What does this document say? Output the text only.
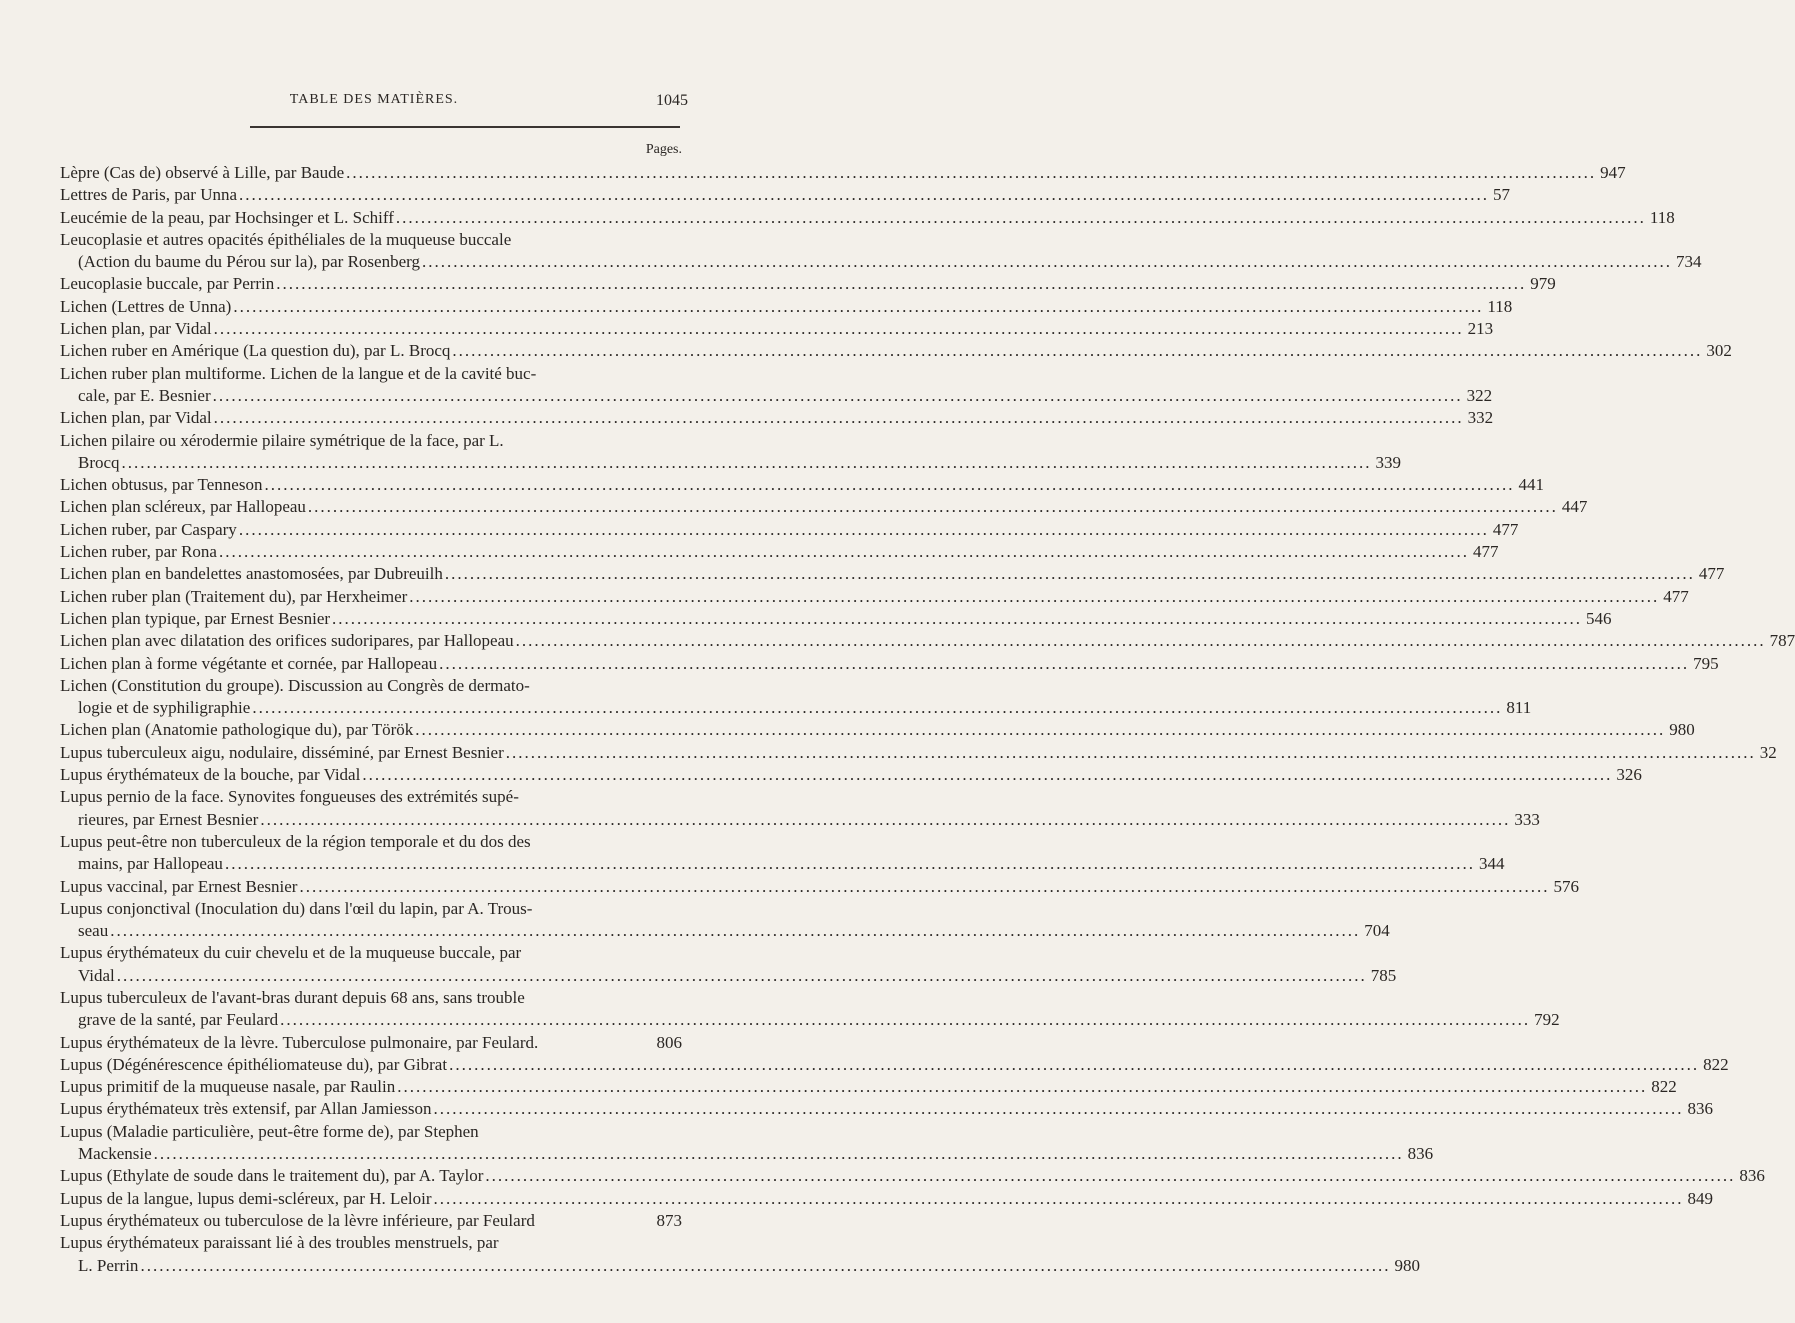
TABLE DES MATIÈRES.	1045
Pages.
Lèpre (Cas de) observé à Lille, par Baude ........................................................................................................................................................................................................ 947
Lettres de Paris, par Unna ........................................................................................................................................................................................................ 57
Leucémie de la peau, par Hochsinger et L. Schiff ........................................................................................................................................................................................................ 118
Leucoplasie et autres opacités épithéliales de la muqueuse buccale
(Action du baume du Pérou sur la), par Rosenberg ........................................................................................................................................................................................................ 734
Leucoplasie buccale, par Perrin ........................................................................................................................................................................................................ 979
Lichen (Lettres de Unna) ........................................................................................................................................................................................................ 118
Lichen plan, par Vidal ........................................................................................................................................................................................................ 213
Lichen ruber en Amérique (La question du), par L. Brocq ........................................................................................................................................................................................................ 302
Lichen ruber plan multiforme. Lichen de la langue et de la cavité buc-
cale, par E. Besnier ........................................................................................................................................................................................................ 322
Lichen plan, par Vidal ........................................................................................................................................................................................................ 332
Lichen pilaire ou xérodermie pilaire symétrique de la face, par L.
Brocq ........................................................................................................................................................................................................ 339
Lichen obtusus, par Tenneson ........................................................................................................................................................................................................ 441
Lichen plan scléreux, par Hallopeau ........................................................................................................................................................................................................ 447
Lichen ruber, par Caspary ........................................................................................................................................................................................................ 477
Lichen ruber, par Rona ........................................................................................................................................................................................................ 477
Lichen plan en bandelettes anastomosées, par Dubreuilh ........................................................................................................................................................................................................ 477
Lichen ruber plan (Traitement du), par Herxheimer ........................................................................................................................................................................................................ 477
Lichen plan typique, par Ernest Besnier ........................................................................................................................................................................................................ 546
Lichen plan avec dilatation des orifices sudoripares, par Hallopeau ........................................................................................................................................................................................................ 787
Lichen plan à forme végétante et cornée, par Hallopeau ........................................................................................................................................................................................................ 795
Lichen (Constitution du groupe). Discussion au Congrès de dermato-
logie et de syphiligraphie ........................................................................................................................................................................................................ 811
Lichen plan (Anatomie pathologique du), par Török ........................................................................................................................................................................................................ 980
Lupus tuberculeux aigu, nodulaire, disséminé, par Ernest Besnier ........................................................................................................................................................................................................ 32
Lupus érythémateux de la bouche, par Vidal ........................................................................................................................................................................................................ 326
Lupus pernio de la face. Synovites fongueuses des extrémités supé-
rieures, par Ernest Besnier ........................................................................................................................................................................................................ 333
Lupus peut-être non tuberculeux de la région temporale et du dos des
mains, par Hallopeau ........................................................................................................................................................................................................ 344
Lupus vaccinal, par Ernest Besnier ........................................................................................................................................................................................................ 576
Lupus conjonctival (Inoculation du) dans l'œil du lapin, par A. Trous-
seau ........................................................................................................................................................................................................ 704
Lupus érythémateux du cuir chevelu et de la muqueuse buccale, par
Vidal ........................................................................................................................................................................................................ 785
Lupus tuberculeux de l'avant-bras durant depuis 68 ans, sans trouble
grave de la santé, par Feulard ........................................................................................................................................................................................................ 792
Lupus érythémateux de la lèvre. Tuberculose pulmonaire, par Feulard.	806
Lupus (Dégénérescence épithéliomateuse du), par Gibrat ........................................................................................................................................................................................................ 822
Lupus primitif de la muqueuse nasale, par Raulin ........................................................................................................................................................................................................ 822
Lupus érythémateux très extensif, par Allan Jamiesson ........................................................................................................................................................................................................ 836
Lupus (Maladie particulière, peut-être forme de), par Stephen
Mackensie ........................................................................................................................................................................................................ 836
Lupus (Ethylate de soude dans le traitement du), par A. Taylor ........................................................................................................................................................................................................ 836
Lupus de la langue, lupus demi-scléreux, par H. Leloir ........................................................................................................................................................................................................ 849
Lupus érythémateux ou tuberculose de la lèvre inférieure, par Feulard	873
Lupus érythémateux paraissant lié à des troubles menstruels, par
L. Perrin ........................................................................................................................................................................................................ 980
